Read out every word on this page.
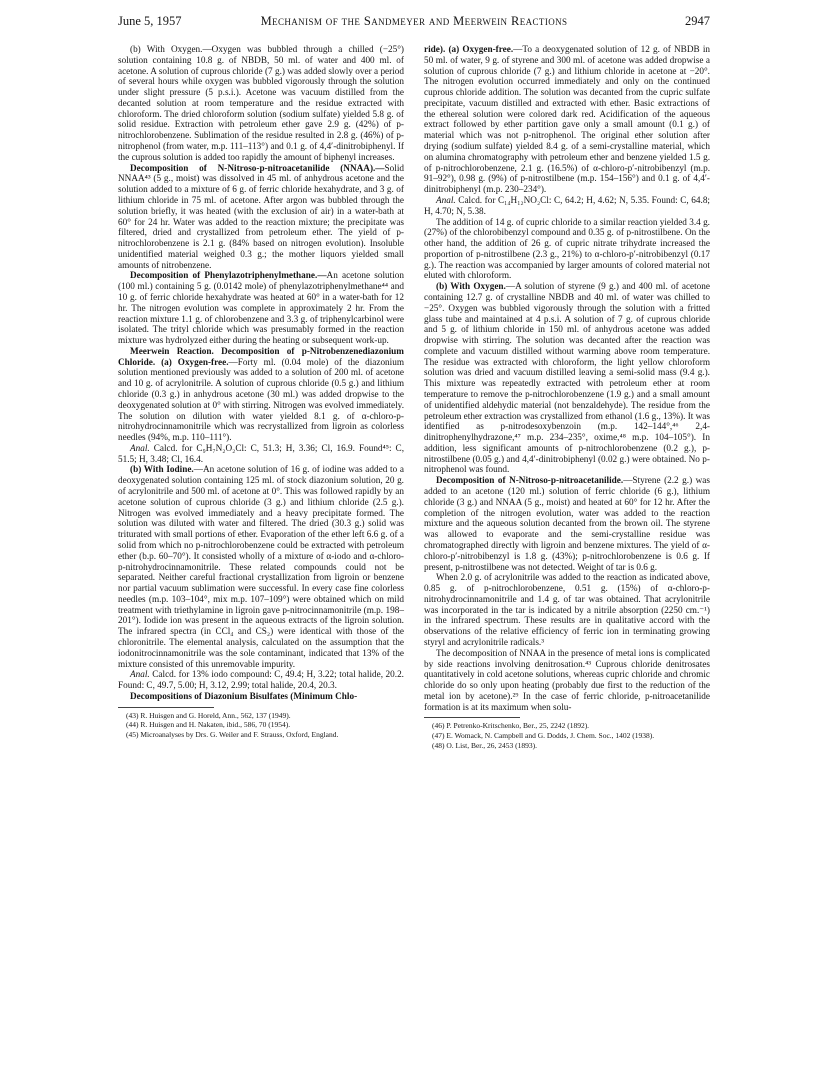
June 5, 1957	Mechanism of the Sandmeyer and Meerwein Reactions	2947

(b) With Oxygen.—Oxygen was bubbled through a chilled (−25°) solution containing 10.8 g. of NBDB, 50 ml. of water and 400 ml. of acetone. A solution of cuprous chloride (7 g.) was added slowly over a period of several hours while oxygen was bubbled vigorously through the solution under slight pressure (5 p.s.i.). Acetone was vacuum distilled from the decanted solution at room temperature and the residue extracted with chloroform. The dried chloroform solution (sodium sulfate) yielded 5.8 g. of solid residue. Extraction with petroleum ether gave 2.9 g. (42%) of p-nitrochlorobenzene. Sublimation of the residue resulted in 2.8 g. (46%) of p-nitrophenol (from water, m.p. 111–113°) and 0.1 g. of 4,4′-dinitrobiphenyl. If the cuprous solution is added too rapidly the amount of biphenyl increases.

Decomposition of N-Nitroso-p-nitroacetanilide (NNAA).—Solid NNAA⁴³ (5 g., moist) was dissolved in 45 ml. of anhydrous acetone and the solution added to a mixture of 6 g. of ferric chloride hexahydrate, and 3 g. of lithium chloride in 75 ml. of acetone. After argon was bubbled through the solution briefly, it was heated (with the exclusion of air) in a water-bath at 60° for 24 hr. Water was added to the reaction mixture; the precipitate was filtered, dried and crystallized from petroleum ether. The yield of p-nitrochlorobenzene is 2.1 g. (84% based on nitrogen evolution). Insoluble unidentified material weighed 0.3 g.; the mother liquors yielded small amounts of nitrobenzene.

Decomposition of Phenylazotriphenylmethane.—An acetone solution (100 ml.) containing 5 g. (0.0142 mole) of phenylazotriphenylmethane⁴⁴ and 10 g. of ferric chloride hexahydrate was heated at 60° in a water-bath for 12 hr. The nitrogen evolution was complete in approximately 2 hr. From the reaction mixture 1.1 g. of chlorobenzene and 3.3 g. of triphenylcarbinol were isolated. The trityl chloride which was presumably formed in the reaction mixture was hydrolyzed either during the heating or subsequent work-up.

Meerwein Reaction. Decomposition of p-Nitrobenzenediazonium Chloride. (a) Oxygen-free.—Forty ml. (0.04 mole) of the diazonium solution mentioned previously was added to a solution of 200 ml. of acetone and 10 g. of acrylonitrile. A solution of cuprous chloride (0.5 g.) and lithium chloride (0.3 g.) in anhydrous acetone (30 ml.) was added dropwise to the deoxygenated solution at 0° with stirring. Nitrogen was evolved immediately. The solution on dilution with water yielded 8.1 g. of α-chloro-p-nitrohydrocinnamonitrile which was recrystallized from ligroin as colorless needles (94%, m.p. 110–111°).

Anal. Calcd. for C₉H₇N₂O₂Cl: C, 51.3; H, 3.36; Cl, 16.9. Found⁴⁵: C, 51.5; H, 3.48; Cl, 16.4.

(b) With Iodine.—An acetone solution of 16 g. of iodine was added to a deoxygenated solution containing 125 ml. of stock diazonium solution, 20 g. of acrylonitrile and 500 ml. of acetone at 0°. This was followed rapidly by an acetone solution of cuprous chloride (3 g.) and lithium chloride (2.5 g.). Nitrogen was evolved immediately and a heavy precipitate formed. The solution was diluted with water and filtered. The dried (30.3 g.) solid was triturated with small portions of ether. Evaporation of the ether left 6.6 g. of a solid from which no p-nitrochlorobenzene could be extracted with petroleum ether (b.p. 60–70°). It consisted wholly of a mixture of α-iodo and α-chloro-p-nitrohydrocinnamonitrile. These related compounds could not be separated. Neither careful fractional crystallization from ligroin or benzene nor partial vacuum sublimation were successful. In every case fine colorless needles (m.p. 103–104°, mix m.p. 107–109°) were obtained which on mild treatment with triethylamine in ligroin gave p-nitrocinnamonitrile (m.p. 198–201°). Iodide ion was present in the aqueous extracts of the ligroin solution. The infrared spectra (in CCl₄ and CS₂) were identical with those of the chloronitrile. The elemental analysis, calculated on the assumption that the iodonitrocinnamonitrile was the sole contaminant, indicated that 13% of the mixture consisted of this unremovable impurity.

Anal. Calcd. for 13% iodo compound: C, 49.4; H, 3.22; total halide, 20.2. Found: C, 49.7, 5.00; H, 3.12, 2.99; total halide, 20.4, 20.3.

Decompositions of Diazonium Bisulfates (Minimum Chlo-

(43) R. Huisgen and G. Horeld, Ann., 562, 137 (1949).

(44) R. Huisgen and H. Nakaten, ibid., 586, 70 (1954).

(45) Microanalyses by Drs. G. Weiler and F. Strauss, Oxford, England.

ride). (a) Oxygen-free.—To a deoxygenated solution of 12 g. of NBDB in 50 ml. of water, 9 g. of styrene and 300 ml. of acetone was added dropwise a solution of cuprous chloride (7 g.) and lithium chloride in acetone at −20°. The nitrogen evolution occurred immediately and only on the continued cuprous chloride addition. The solution was decanted from the cupric sulfate precipitate, vacuum distilled and extracted with ether. Basic extractions of the ethereal solution were colored dark red. Acidification of the aqueous extract followed by ether partition gave only a small amount (0.1 g.) of material which was not p-nitrophenol. The original ether solution after drying (sodium sulfate) yielded 8.4 g. of a semi-crystalline material, which on alumina chromatography with petroleum ether and benzene yielded 1.5 g. of p-nitrochlorobenzene, 2.1 g. (16.5%) of α-chloro-p′-nitrobibenzyl (m.p. 91–92°), 0.98 g. (9%) of p-nitrostilbene (m.p. 154–156°) and 0.1 g. of 4,4′-dinitrobiphenyl (m.p. 230–234°).

Anal. Calcd. for C₁₄H₁₂NO₂Cl: C, 64.2; H, 4.62; N, 5.35. Found: C, 64.8; H, 4.70; N, 5.38.

The addition of 14 g. of cupric chloride to a similar reaction yielded 3.4 g. (27%) of the chlorobibenzyl compound and 0.35 g. of p-nitrostilbene. On the other hand, the addition of 26 g. of cupric nitrate trihydrate increased the proportion of p-nitrostilbene (2.3 g., 21%) to α-chloro-p′-nitrobibenzyl (0.17 g.). The reaction was accompanied by larger amounts of colored material not eluted with chloroform.

(b) With Oxygen.—A solution of styrene (9 g.) and 400 ml. of acetone containing 12.7 g. of crystalline NBDB and 40 ml. of water was chilled to −25°. Oxygen was bubbled vigorously through the solution with a fritted glass tube and maintained at 4 p.s.i. A solution of 7 g. of cuprous chloride and 5 g. of lithium chloride in 150 ml. of anhydrous acetone was added dropwise with stirring. The solution was decanted after the reaction was complete and vacuum distilled without warming above room temperature. The residue was extracted with chloroform, the light yellow chloroform solution was dried and vacuum distilled leaving a semi-solid mass (9.4 g.). This mixture was repeatedly extracted with petroleum ether at room temperature to remove the p-nitrochlorobenzene (1.9 g.) and a small amount of unidentified aldehydic material (not benzaldehyde). The residue from the petroleum ether extraction was crystallized from ethanol (1.6 g., 13%). It was identified as p-nitrodesoxybenzoin (m.p. 142–144°,⁴⁶ 2,4-dinitrophenylhydrazone,⁴⁷ m.p. 234–235°, oxime,⁴⁸ m.p. 104–105°). In addition, less significant amounts of p-nitrochlorobenzene (0.2 g.), p-nitrostilbene (0.05 g.) and 4,4′-dinitrobiphenyl (0.02 g.) were obtained. No p-nitrophenol was found.

Decomposition of N-Nitroso-p-nitroacetanilide.—Styrene (2.2 g.) was added to an acetone (120 ml.) solution of ferric chloride (6 g.), lithium chloride (3 g.) and NNAA (5 g., moist) and heated at 60° for 12 hr. After the completion of the nitrogen evolution, water was added to the reaction mixture and the aqueous solution decanted from the brown oil. The styrene was allowed to evaporate and the semi-crystalline residue was chromatographed directly with ligroin and benzene mixtures. The yield of α-chloro-p′-nitrobibenzyl is 1.8 g. (43%); p-nitrochlorobenzene is 0.6 g. If present, p-nitrostilbene was not detected. Weight of tar is 0.6 g.

When 2.0 g. of acrylonitrile was added to the reaction as indicated above, 0.85 g. of p-nitrochlorobenzene, 0.51 g. (15%) of α-chloro-p-nitrohydrocinnamonitrile and 1.4 g. of tar was obtained. That acrylonitrile was incorporated in the tar is indicated by a nitrile absorption (2250 cm.⁻¹) in the infrared spectrum. These results are in qualitative accord with the observations of the relative efficiency of ferric ion in terminating growing styryl and acrylonitrile radicals.³

The decomposition of NNAA in the presence of metal ions is complicated by side reactions involving denitrosation.⁴³ Cuprous chloride denitrosates quantitatively in cold acetone solutions, whereas cupric chloride and chromic chloride do so only upon heating (probably due first to the reduction of the metal ion by acetone).²⁹ In the case of ferric chloride, p-nitroacetanilide formation is at its maximum when solu-

(46) P. Petrenko-Kritschenko, Ber., 25, 2242 (1892).

(47) E. Womack, N. Campbell and G. Dodds, J. Chem. Soc., 1402 (1938).

(48) O. List, Ber., 26, 2453 (1893).
